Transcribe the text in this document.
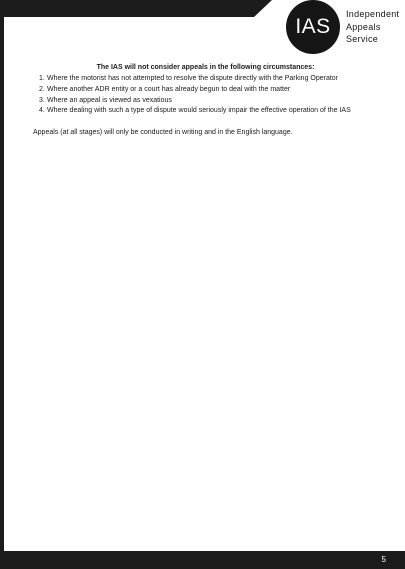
IAS
Independent
Appeals
Service
The IAS will not consider appeals in the following circumstances:
1. Where the motorist has not attempted to resolve the dispute directly with the Parking Operator
2. Where another ADR entity or a court has already begun to deal with the matter
3. Where an appeal is viewed as vexatious
4. Where dealing with such a type of dispute would seriously impair the effective operation of the IAS
Appeals (at all stages) will only be conducted in writing and in the English language.
5
